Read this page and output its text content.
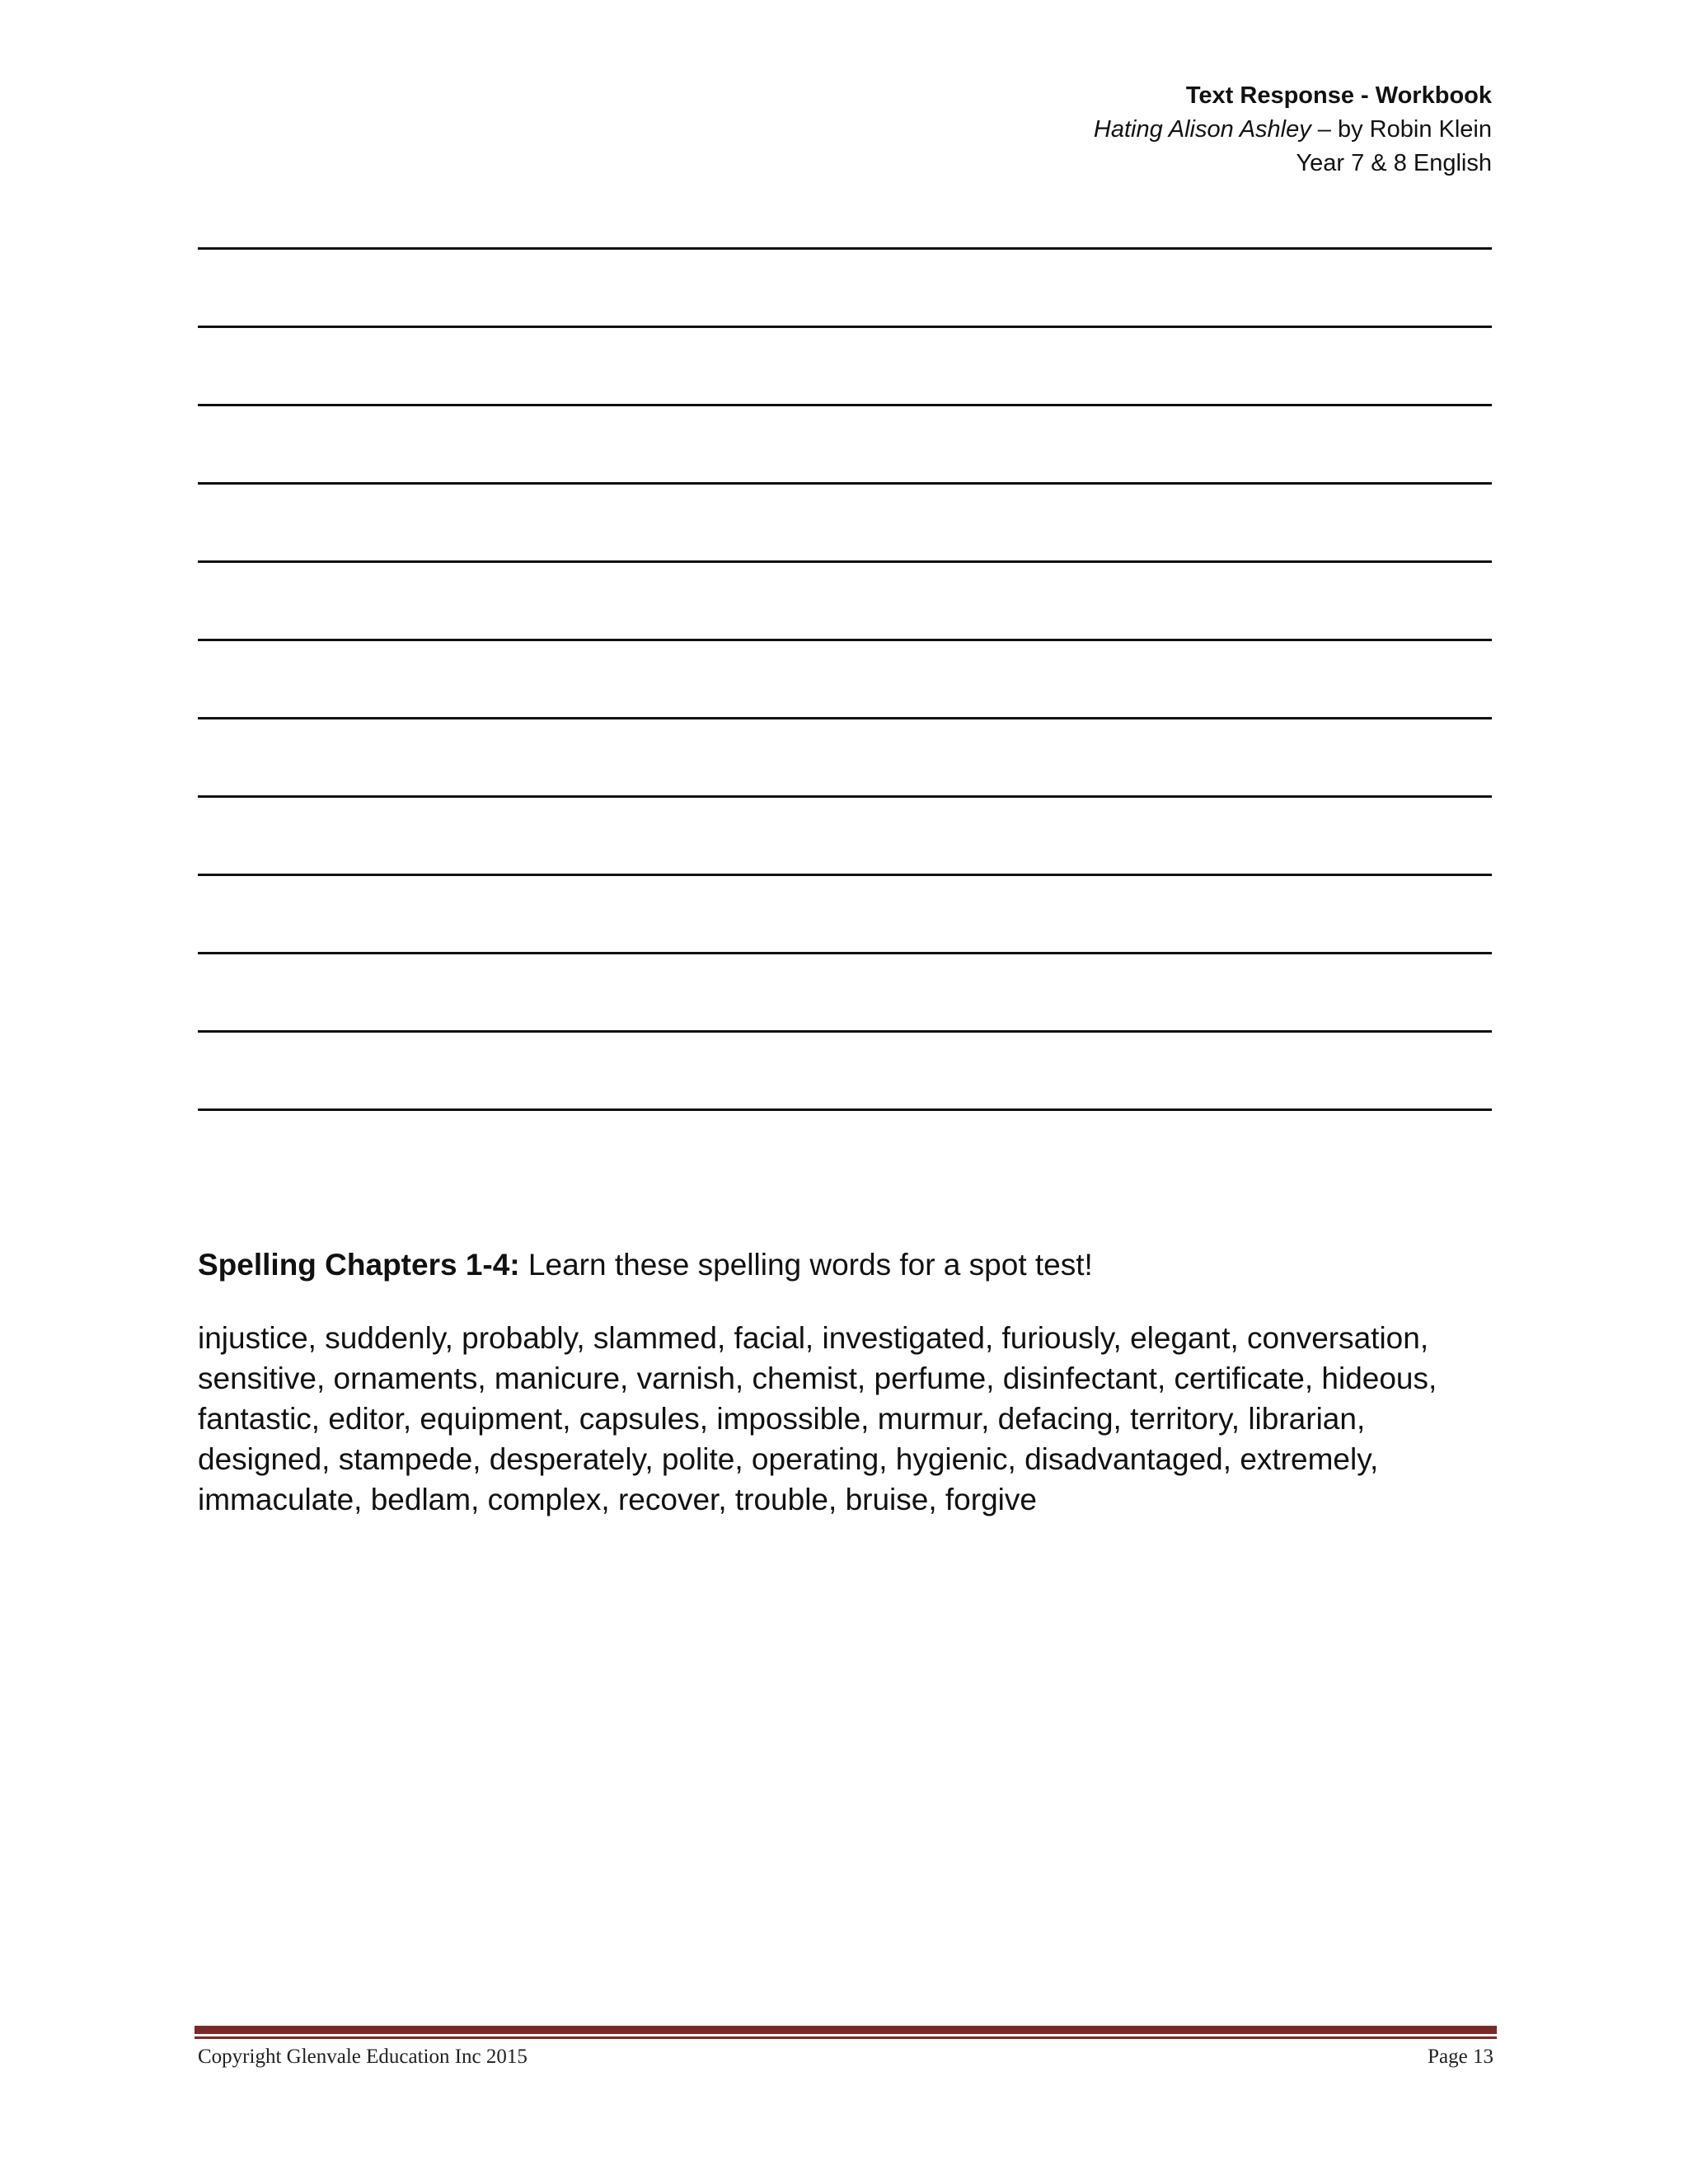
Text Response - Workbook
Hating Alison Ashley – by Robin Klein
Year 7 & 8 English

Spelling Chapters 1-4: Learn these spelling words for a spot test!

injustice, suddenly, probably, slammed, facial, investigated, furiously, elegant, conversation,
sensitive, ornaments, manicure, varnish, chemist, perfume, disinfectant, certificate, hideous,
fantastic, editor, equipment, capsules, impossible, murmur, defacing, territory, librarian,
designed, stampede, desperately, polite, operating, hygienic, disadvantaged, extremely,
immaculate, bedlam, complex, recover, trouble, bruise, forgive
Copyright Glenvale Education Inc 2015	Page 13
